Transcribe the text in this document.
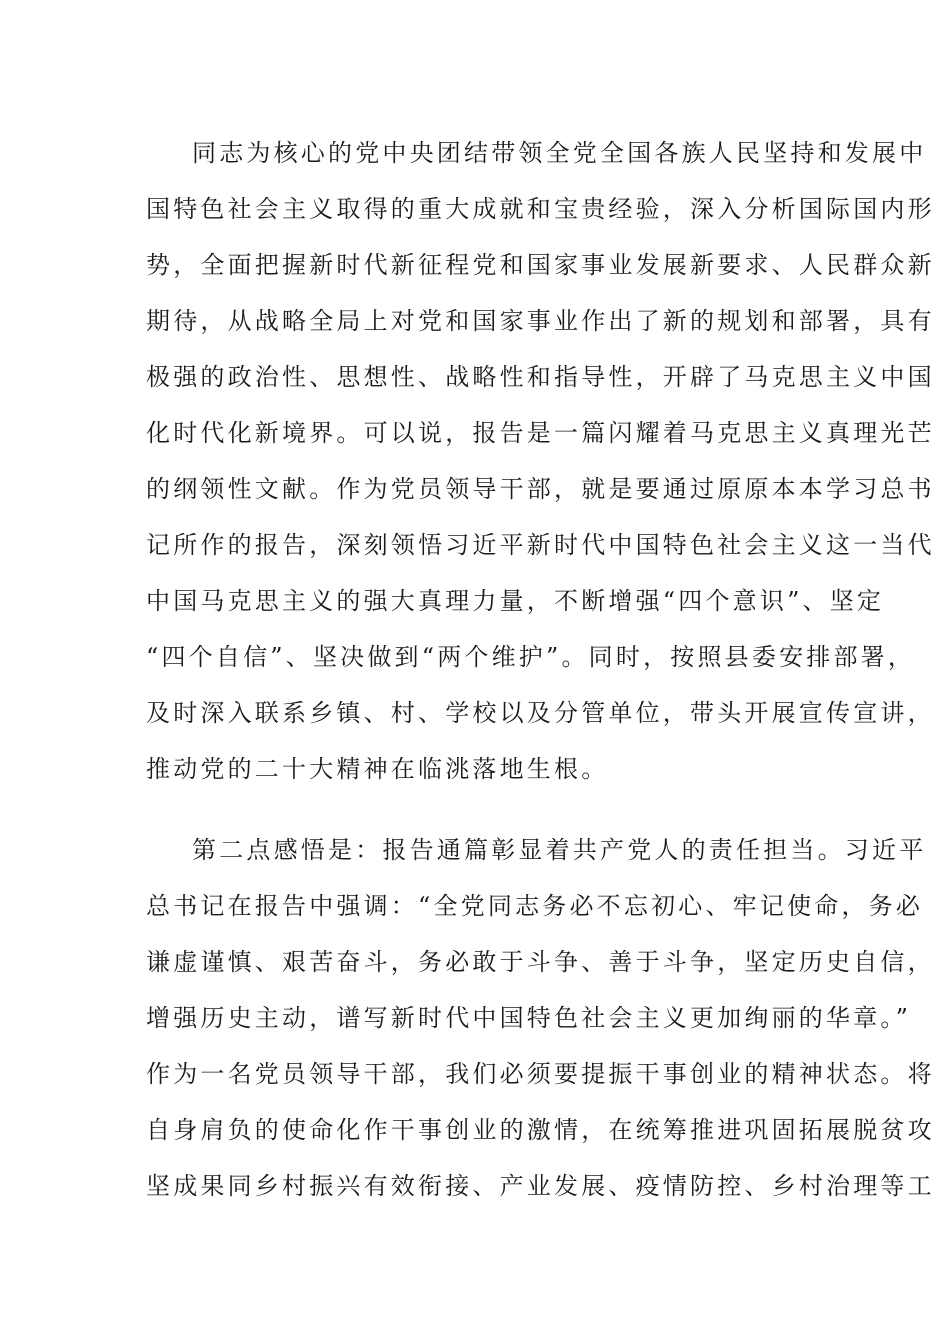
同志为核心的党中央团结带领全党全国各族人民坚持和发展中
国特色社会主义取得的重大成就和宝贵经验，深入分析国际国内形
势，全面把握新时代新征程党和国家事业发展新要求、人民群众新
期待，从战略全局上对党和国家事业作出了新的规划和部署，具有
极强的政治性、思想性、战略性和指导性，开辟了马克思主义中国
化时代化新境界。可以说，报告是一篇闪耀着马克思主义真理光芒
的纲领性文献。作为党员领导干部，就是要通过原原本本学习总书
记所作的报告，深刻领悟习近平新时代中国特色社会主义这一当代
中国马克思主义的强大真理力量，不断增强“四个意识”、坚定
“四个自信”、坚决做到“两个维护”。同时，按照县委安排部署，
及时深入联系乡镇、村、学校以及分管单位，带头开展宣传宣讲，
推动党的二十大精神在临洮落地生根。
第二点感悟是：报告通篇彰显着共产党人的责任担当。习近平
总书记在报告中强调：“全党同志务必不忘初心、牢记使命，务必
谦虚谨慎、艰苦奋斗，务必敢于斗争、善于斗争，坚定历史自信，
增强历史主动，谱写新时代中国特色社会主义更加绚丽的华章。”
作为一名党员领导干部，我们必须要提振干事创业的精神状态。将
自身肩负的使命化作干事创业的激情，在统筹推进巩固拓展脱贫攻
坚成果同乡村振兴有效衔接、产业发展、疫情防控、乡村治理等工
